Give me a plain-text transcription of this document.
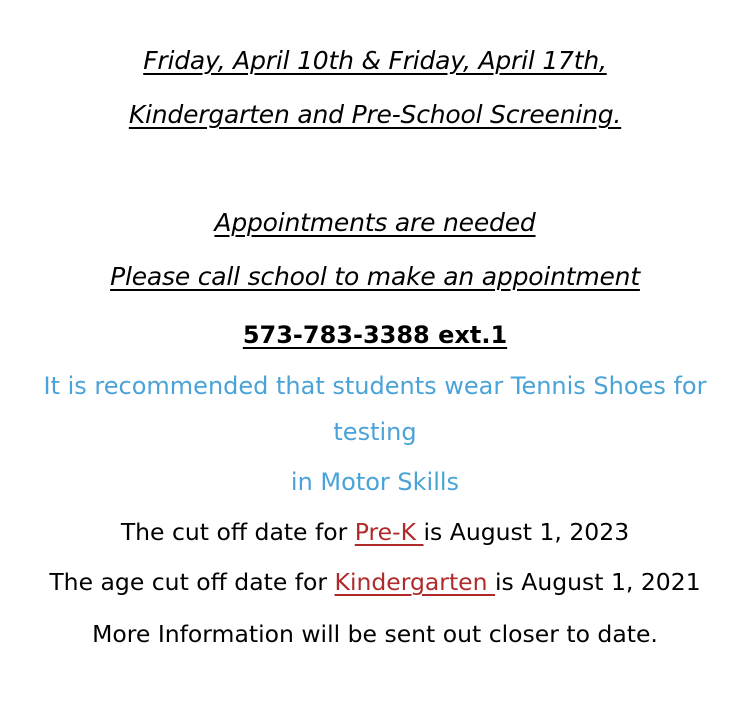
Friday, April 10th & Friday, April 17th,

Kindergarten and Pre-School Screening.

Appointments are needed

Please call school to make an appointment

573-783-3388 ext.1

It is recommended that students wear Tennis Shoes for

testing

in Motor Skills

The cut off date for Pre-K is August 1, 2023

The age cut off date for Kindergarten is August 1, 2021

More Information will be sent out closer to date.
